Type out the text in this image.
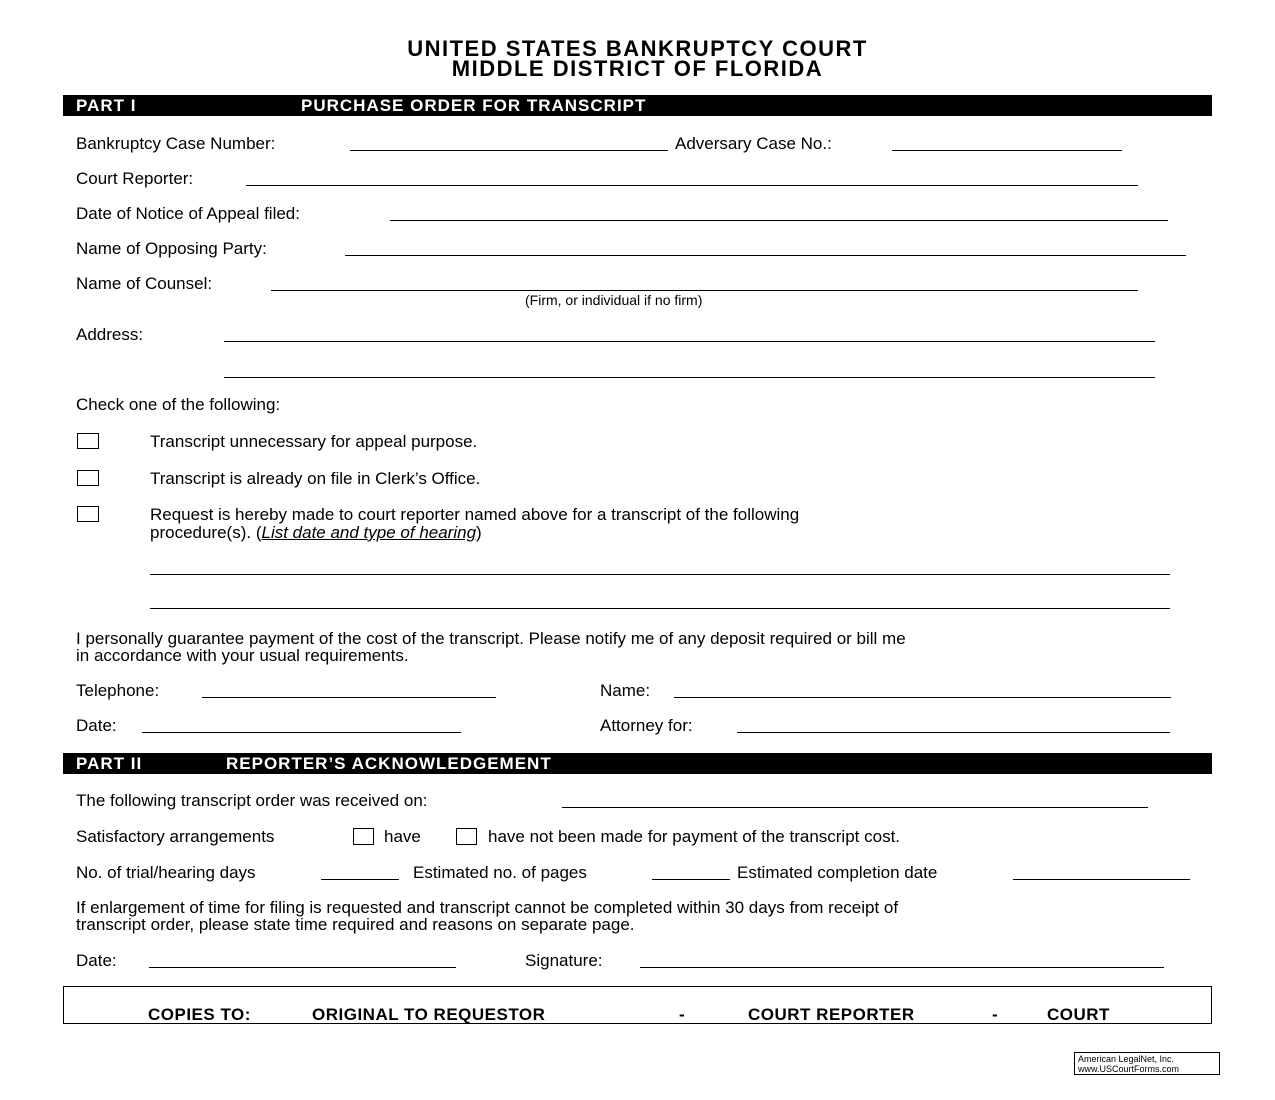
UNITED STATES BANKRUPTCY COURT
MIDDLE DISTRICT OF FLORIDA
PART I	PURCHASE ORDER FOR TRANSCRIPT
Bankruptcy Case Number:	Adversary Case No.:
Court Reporter:
Date of Notice of Appeal filed:
Name of Opposing Party:
Name of Counsel:
(Firm, or individual if no firm)
Address:
Check one of the following:
Transcript unnecessary for appeal purpose.
Transcript is already on file in Clerk’s Office.
Request is hereby made to court reporter named above for a transcript of the following
procedure(s). (List date and type of hearing)
I personally guarantee payment of the cost of the transcript. Please notify me of any deposit required or bill me
in accordance with your usual requirements.
Telephone:	Name:
Date:	Attorney for:
PART II	REPORTER’S ACKNOWLEDGEMENT
The following transcript order was received on:
Satisfactory arrangements	have	have not been made for payment of the transcript cost.
No. of trial/hearing days	Estimated no. of pages	Estimated completion date
If enlargement of time for filing is requested and transcript cannot be completed within 30 days from receipt of
transcript order, please state time required and reasons on separate page.
Date:	Signature:
COPIES TO:	ORIGINAL TO REQUESTOR	-	COURT REPORTER	-	COURT
American LegalNet, Inc.
www.USCourtForms.com
